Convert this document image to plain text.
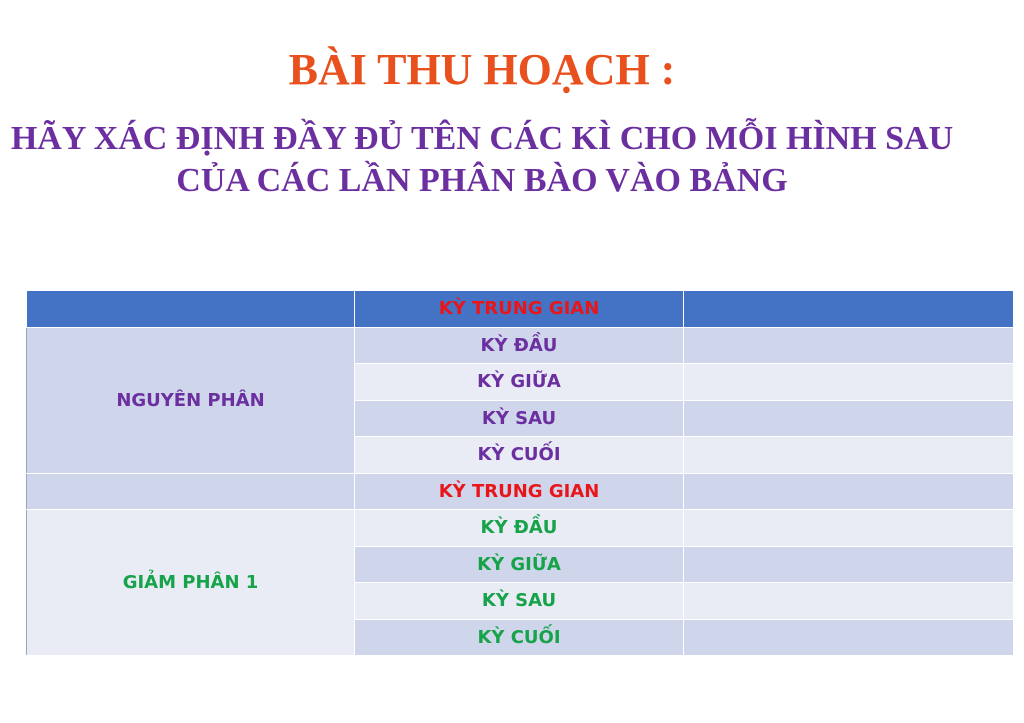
BÀI THU HOẠCH :
HÃY XÁC ĐỊNH ĐẦY ĐỦ TÊN CÁC KÌ CHO MỖI HÌNH SAU
CỦA CÁC LẦN PHÂN BÀO VÀO BẢNG
	KỲ TRUNG GIAN	
NGUYÊN PHÂN	KỲ ĐẦU	
	KỲ GIỮA	
	KỲ SAU	
	KỲ CUỐI	
	KỲ TRUNG GIAN	
GIẢM PHÂN 1	KỲ ĐẦU	
	KỲ GIỮA	
	KỲ SAU	
	KỲ CUỐI	
